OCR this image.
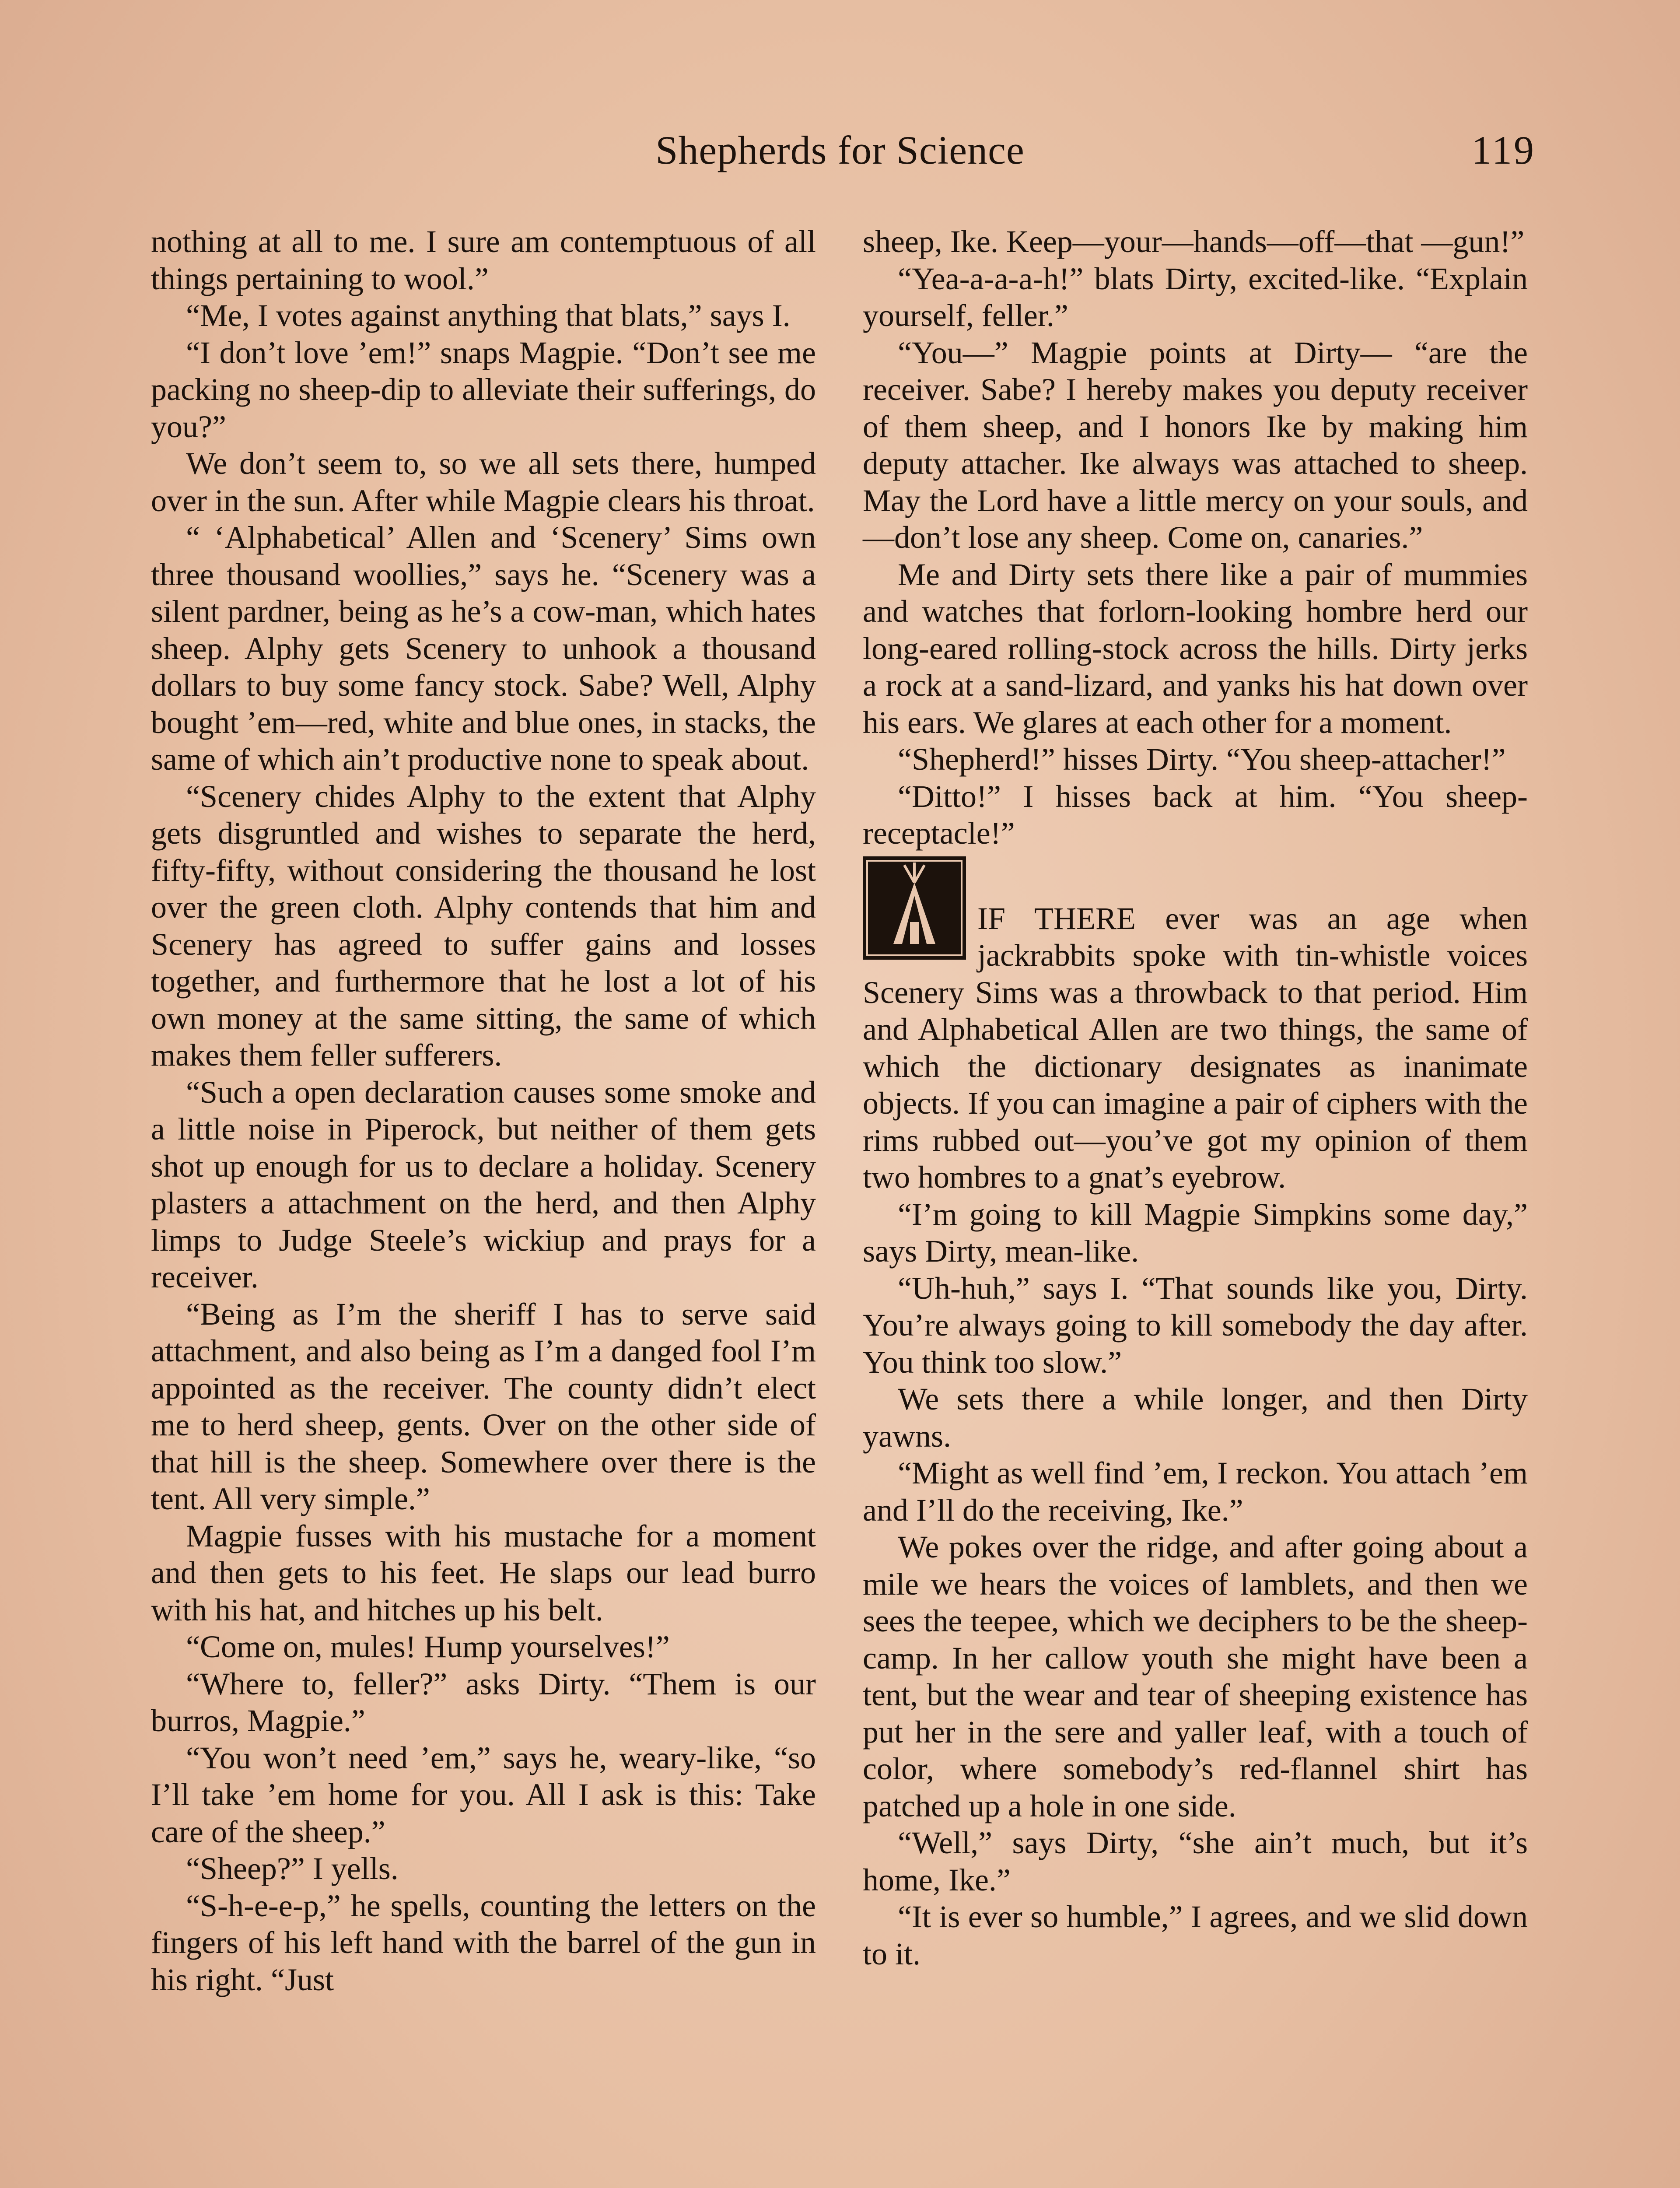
Shepherds for Science	119

nothing at all to me. I sure am contemptuous of all things pertaining to wool.”

“Me, I votes against anything that blats,” says I.

“I don’t love ’em!” snaps Magpie. “Don’t see me packing no sheep-dip to alleviate their sufferings, do you?”

We don’t seem to, so we all sets there, humped over in the sun. After while Magpie clears his throat.

“ ‘Alphabetical’ Allen and ‘Scenery’ Sims own three thousand woollies,” says he. “Scenery was a silent pardner, being as he’s a cow-man, which hates sheep. Alphy gets Scenery to unhook a thousand dollars to buy some fancy stock. Sabe? Well, Alphy bought ’em—red, white and blue ones, in stacks, the same of which ain’t productive none to speak about.

“Scenery chides Alphy to the extent that Alphy gets disgruntled and wishes to separate the herd, fifty-fifty, without considering the thousand he lost over the green cloth. Alphy contends that him and Scenery has agreed to suffer gains and losses together, and furthermore that he lost a lot of his own money at the same sitting, the same of which makes them feller sufferers.

“Such a open declaration causes some smoke and a little noise in Piperock, but neither of them gets shot up enough for us to declare a holiday. Scenery plasters a attachment on the herd, and then Alphy limps to Judge Steele’s wickiup and prays for a receiver.

“Being as I’m the sheriff I has to serve said attachment, and also being as I’m a danged fool I’m appointed as the receiver. The county didn’t elect me to herd sheep, gents. Over on the other side of that hill is the sheep. Somewhere over there is the tent. All very simple.”

Magpie fusses with his mustache for a moment and then gets to his feet. He slaps our lead burro with his hat, and hitches up his belt.

“Come on, mules! Hump yourselves!”

“Where to, feller?” asks Dirty. “Them is our burros, Magpie.”

“You won’t need ’em,” says he, weary-like, “so I’ll take ’em home for you. All I ask is this: Take care of the sheep.”

“Sheep?” I yells.

“S-h-e-e-p,” he spells, counting the letters on the fingers of his left hand with the barrel of the gun in his right. “Just

sheep, Ike. Keep—your—hands—off—that —gun!”

“Yea-a-a-a-h!” blats Dirty, excited-like. “Explain yourself, feller.”

“You—” Magpie points at Dirty— “are the receiver. Sabe? I hereby makes you deputy receiver of them sheep, and I honors Ike by making him deputy attacher. Ike always was attached to sheep. May the Lord have a little mercy on your souls, and—don’t lose any sheep. Come on, canaries.”

Me and Dirty sets there like a pair of mummies and watches that forlorn-looking hombre herd our long-eared rolling-stock across the hills. Dirty jerks a rock at a sand-lizard, and yanks his hat down over his ears. We glares at each other for a moment.

“Shepherd!” hisses Dirty. “You sheep-attacher!”

“Ditto!” I hisses back at him. “You sheep-receptacle!”

IF THERE ever was an age when jackrabbits spoke with tin-whistle voices Scenery Sims was a throwback to that period. Him and Alphabetical Allen are two things, the same of which the dictionary designates as inanimate objects. If you can imagine a pair of ciphers with the rims rubbed out—you’ve got my opinion of them two hombres to a gnat’s eyebrow.

“I’m going to kill Magpie Simpkins some day,” says Dirty, mean-like.

“Uh-huh,” says I. “That sounds like you, Dirty. You’re always going to kill somebody the day after. You think too slow.”

We sets there a while longer, and then Dirty yawns.

“Might as well find ’em, I reckon. You attach ’em and I’ll do the receiving, Ike.”

We pokes over the ridge, and after going about a mile we hears the voices of lamblets, and then we sees the teepee, which we deciphers to be the sheep-camp. In her callow youth she might have been a tent, but the wear and tear of sheeping existence has put her in the sere and yaller leaf, with a touch of color, where somebody’s red-flannel shirt has patched up a hole in one side.

“Well,” says Dirty, “she ain’t much, but it’s home, Ike.”

“It is ever so humble,” I agrees, and we slid down to it.
